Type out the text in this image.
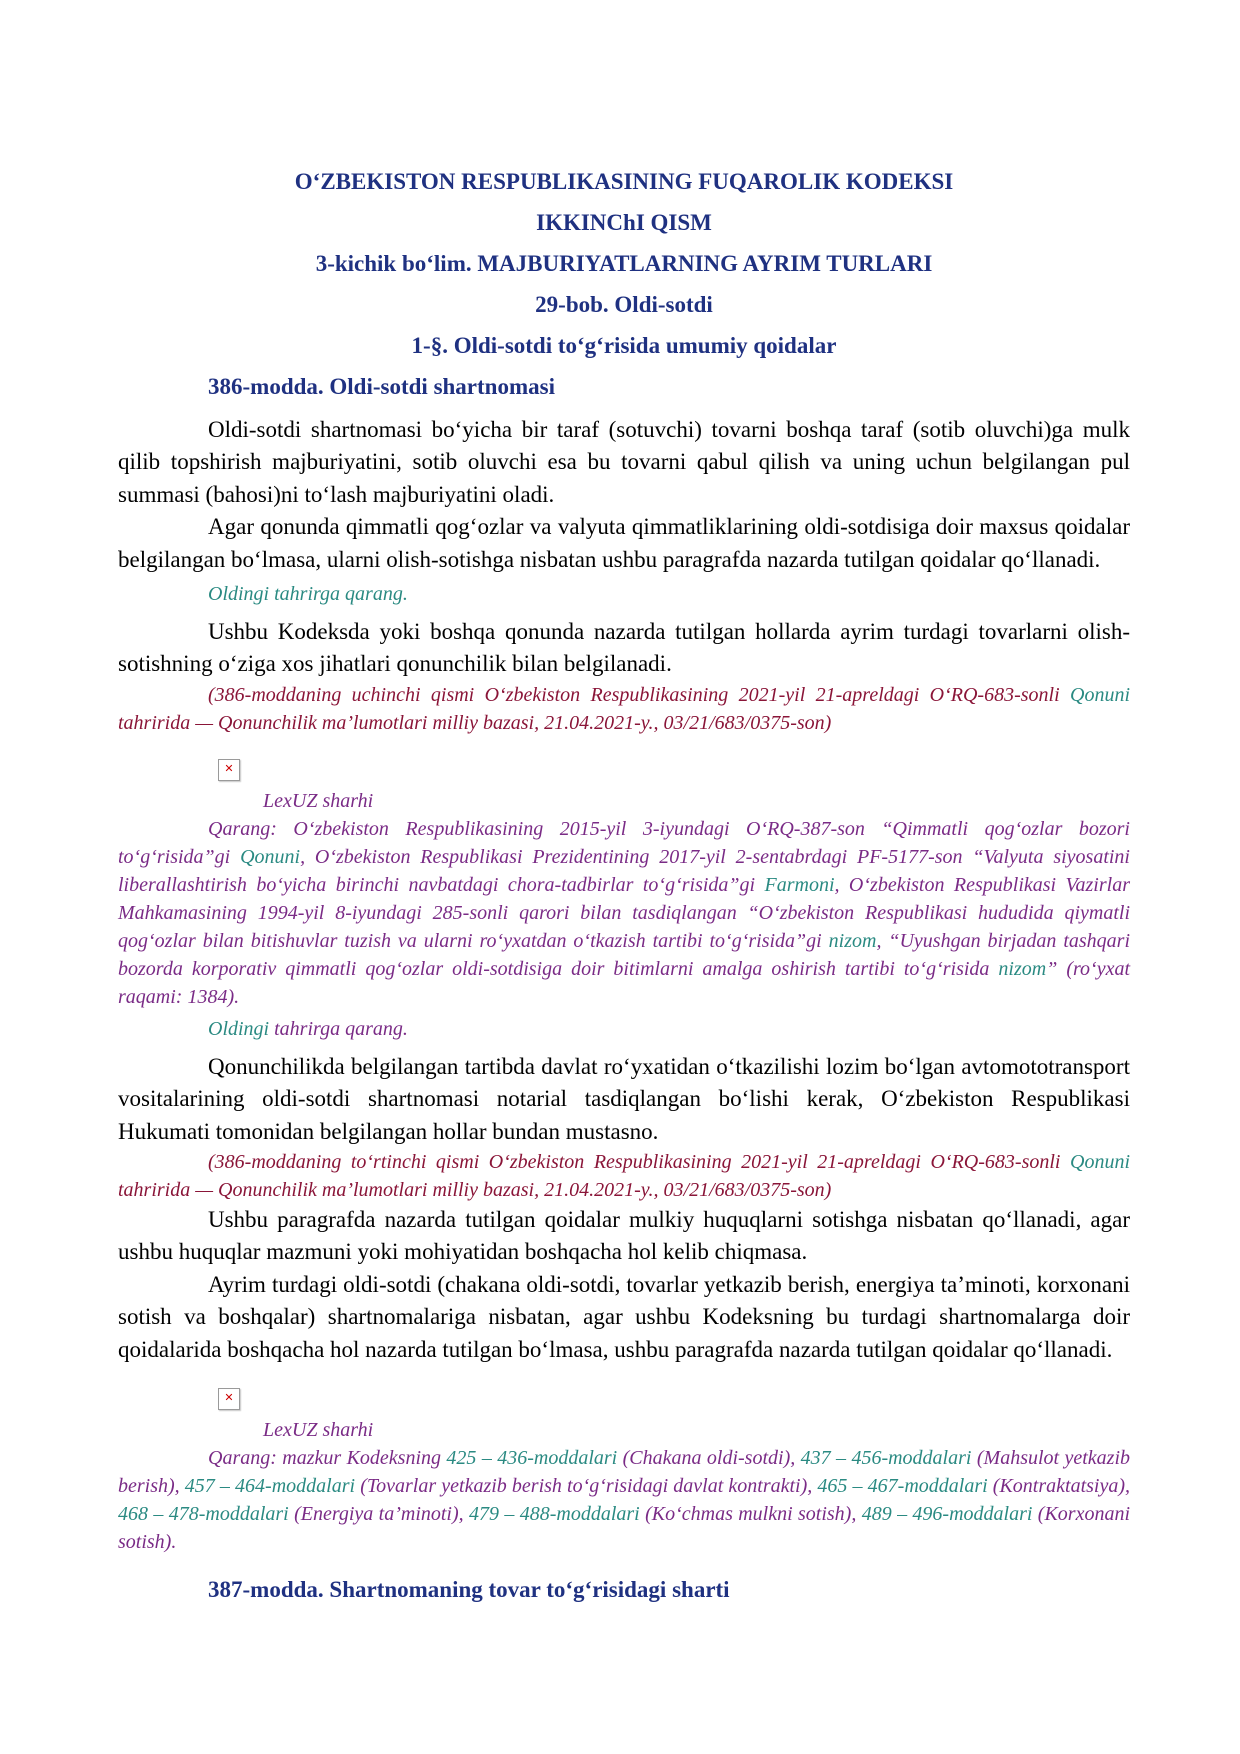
O‘ZBEKISTON RESPUBLIKASINING FUQAROLIK KODEKSI
IKKINChI QISM
3-kichik bo‘lim. MAJBURIYATLARNING AYRIM TURLARI
29-bob. Oldi-sotdi
1-§. Oldi-sotdi to‘g‘risida umumiy qoidalar
386-modda. Oldi-sotdi shartnomasi

Oldi-sotdi shartnomasi bo‘yicha bir taraf (sotuvchi) tovarni boshqa taraf (sotib oluvchi)ga mulk qilib topshirish majburiyatini, sotib oluvchi esa bu tovarni qabul qilish va uning uchun belgilangan pul summasi (bahosi)ni to‘lash majburiyatini oladi.

Agar qonunda qimmatli qog‘ozlar va valyuta qimmatliklarining oldi-sotdisiga doir maxsus qoidalar belgilangan bo‘lmasa, ularni olish-sotishga nisbatan ushbu paragrafda nazarda tutilgan qoidalar qo‘llanadi.

Oldingi tahrirga qarang.

Ushbu Kodeksda yoki boshqa qonunda nazarda tutilgan hollarda ayrim turdagi tovarlarni olish-sotishning o‘ziga xos jihatlari qonunchilik bilan belgilanadi.

(386-moddaning uchinchi qismi O‘zbekiston Respublikasining 2021-yil 21-apreldagi O‘RQ-683-sonli Qonuni tahririda — Qonunchilik ma’lumotlari milliy bazasi, 21.04.2021-y., 03/21/683/0375-son)

✕
LexUZ sharhi

Qarang: O‘zbekiston Respublikasining 2015-yil 3-iyundagi O‘RQ-387-son “Qimmatli qog‘ozlar bozori to‘g‘risida”gi Qonuni, O‘zbekiston Respublikasi Prezidentining 2017-yil 2-sentabrdagi PF-5177-son “Valyuta siyosatini liberallashtirish bo‘yicha birinchi navbatdagi chora-tadbirlar to‘g‘risida”gi Farmoni, O‘zbekiston Respublikasi Vazirlar Mahkamasining 1994-yil 8-iyundagi 285-sonli qarori bilan tasdiqlangan “O‘zbekiston Respublikasi hududida qiymatli qog‘ozlar bilan bitishuvlar tuzish va ularni ro‘yxatdan o‘tkazish tartibi to‘g‘risida”gi nizom, “Uyushgan birjadan tashqari bozorda korporativ qimmatli qog‘ozlar oldi-sotdisiga doir bitimlarni amalga oshirish tartibi to‘g‘risida nizom” (ro‘yxat raqami: 1384).

Oldingi tahrirga qarang.

Qonunchilikda belgilangan tartibda davlat ro‘yxatidan o‘tkazilishi lozim bo‘lgan avtomototransport vositalarining oldi-sotdi shartnomasi notarial tasdiqlangan bo‘lishi kerak, O‘zbekiston Respublikasi Hukumati tomonidan belgilangan hollar bundan mustasno.

(386-moddaning to‘rtinchi qismi O‘zbekiston Respublikasining 2021-yil 21-apreldagi O‘RQ-683-sonli Qonuni tahririda — Qonunchilik ma’lumotlari milliy bazasi, 21.04.2021-y., 03/21/683/0375-son)

Ushbu paragrafda nazarda tutilgan qoidalar mulkiy huquqlarni sotishga nisbatan qo‘llanadi, agar ushbu huquqlar mazmuni yoki mohiyatidan boshqacha hol kelib chiqmasa.

Ayrim turdagi oldi-sotdi (chakana oldi-sotdi, tovarlar yetkazib berish, energiya ta’minoti, korxonani sotish va boshqalar) shartnomalariga nisbatan, agar ushbu Kodeksning bu turdagi shartnomalarga doir qoidalarida boshqacha hol nazarda tutilgan bo‘lmasa, ushbu paragrafda nazarda tutilgan qoidalar qo‘llanadi.

✕
LexUZ sharhi

Qarang: mazkur Kodeksning 425 – 436-moddalari (Chakana oldi-sotdi), 437 – 456-moddalari (Mahsulot yetkazib berish), 457 – 464-moddalari (Tovarlar yetkazib berish to‘g‘risidagi davlat kontrakti), 465 – 467-moddalari (Kontraktatsiya), 468 – 478-moddalari (Energiya ta’minoti), 479 – 488-moddalari (Ko‘chmas mulkni sotish), 489 – 496-moddalari (Korxonani sotish).

387-modda. Shartnomaning tovar to‘g‘risidagi sharti
